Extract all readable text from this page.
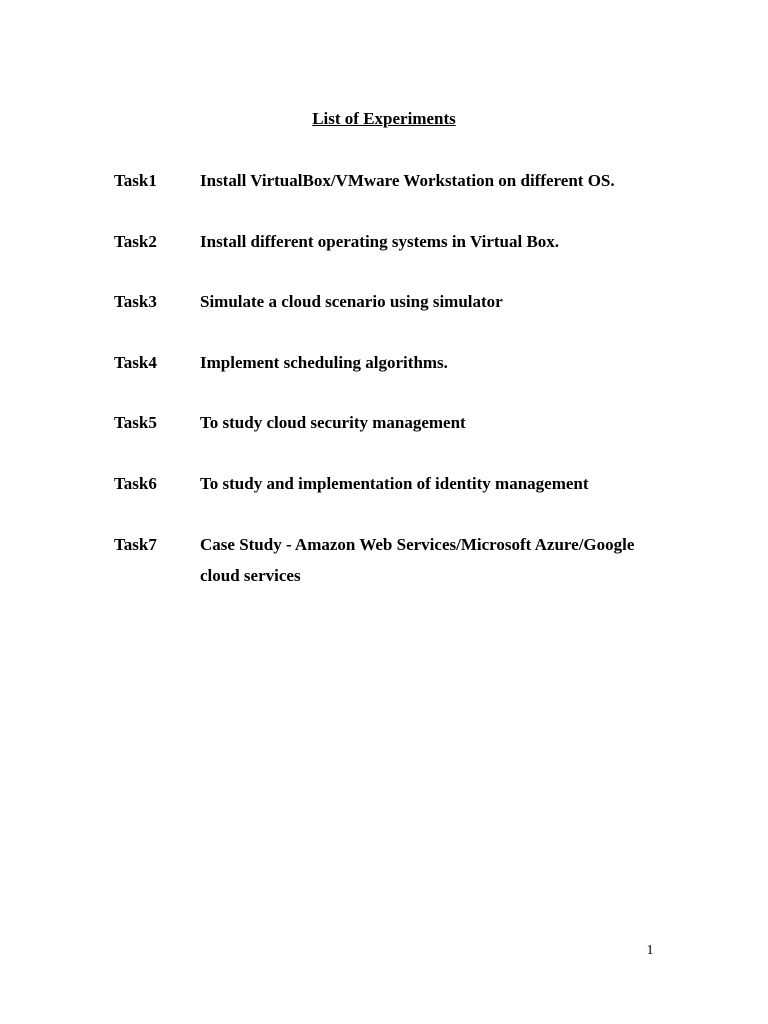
List of Experiments
Task1	Install VirtualBox/VMware Workstation on different OS.
Task2	Install different operating systems in Virtual Box.
Task3	Simulate a cloud scenario using simulator
Task4	Implement scheduling algorithms.
Task5	To study cloud security management
Task6	To study and implementation of identity management
Task7	Case Study - Amazon Web Services/Microsoft Azure/Google cloud services
1
